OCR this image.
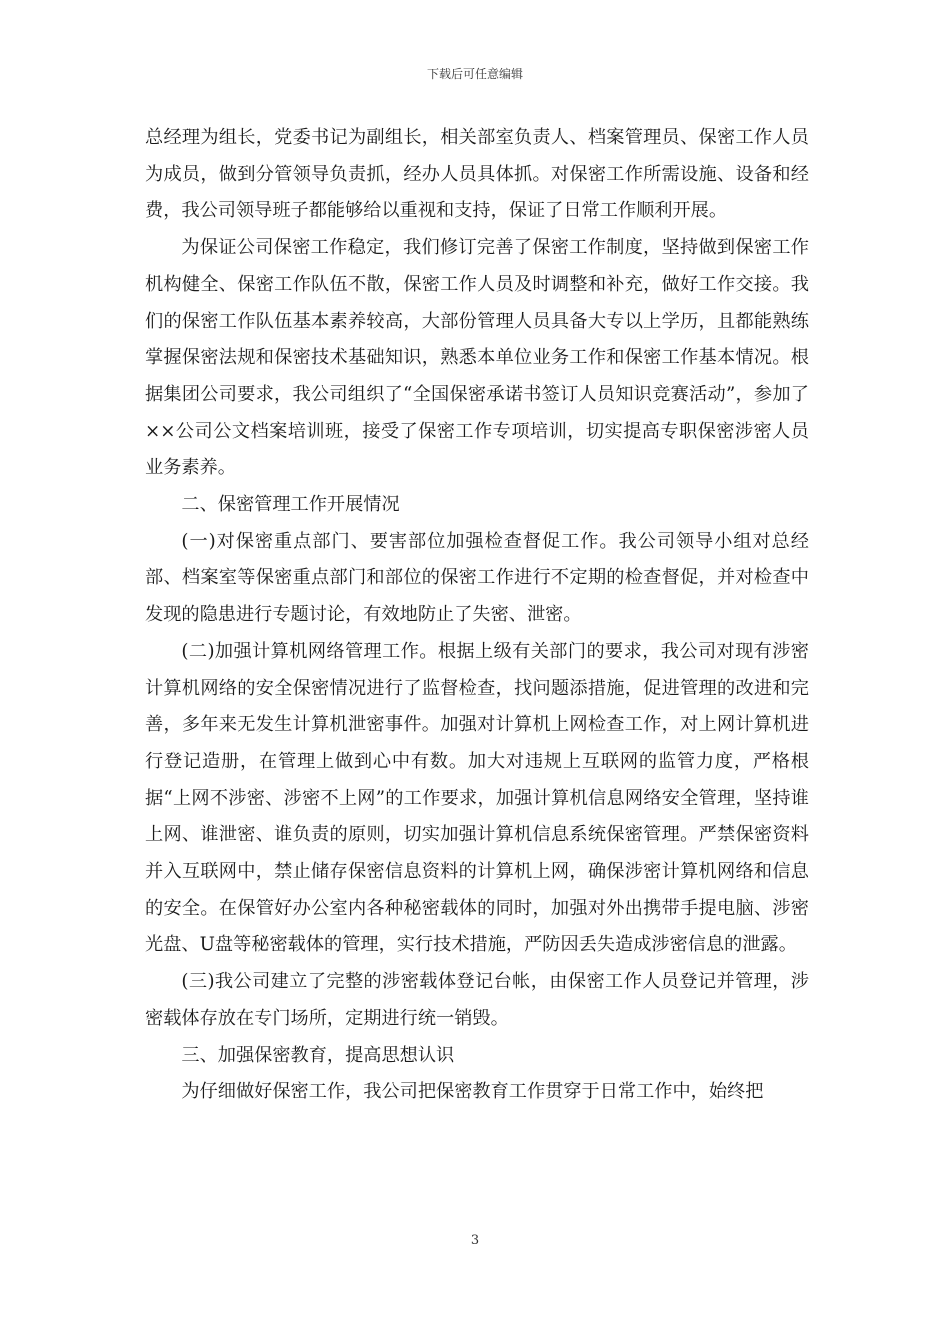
下载后可任意编辑

总经理为组长，党委书记为副组长，相关部室负责人、档案管理员、保密工作人员为成员，做到分管领导负责抓，经办人员具体抓。对保密工作所需设施、设备和经费，我公司领导班子都能够给以重视和支持，保证了日常工作顺利开展。

为保证公司保密工作稳定，我们修订完善了保密工作制度，坚持做到保密工作机构健全、保密工作队伍不散，保密工作人员及时调整和补充，做好工作交接。我们的保密工作队伍基本素养较高，大部份管理人员具备大专以上学历，且都能熟练掌握保密法规和保密技术基础知识，熟悉本单位业务工作和保密工作基本情况。根据集团公司要求，我公司组织了“全国保密承诺书签订人员知识竞赛活动”，参加了××公司公文档案培训班，接受了保密工作专项培训，切实提高专职保密涉密人员业务素养。

二、保密管理工作开展情况

(一)对保密重点部门、要害部位加强检查督促工作。我公司领导小组对总经部、档案室等保密重点部门和部位的保密工作进行不定期的检查督促，并对检查中发现的隐患进行专题讨论，有效地防止了失密、泄密。

(二)加强计算机网络管理工作。根据上级有关部门的要求，我公司对现有涉密计算机网络的安全保密情况进行了监督检查，找问题添措施，促进管理的改进和完善，多年来无发生计算机泄密事件。加强对计算机上网检查工作，对上网计算机进行登记造册，在管理上做到心中有数。加大对违规上互联网的监管力度，严格根据“上网不涉密、涉密不上网”的工作要求，加强计算机信息网络安全管理，坚持谁上网、谁泄密、谁负责的原则，切实加强计算机信息系统保密管理。严禁保密资料并入互联网中，禁止储存保密信息资料的计算机上网，确保涉密计算机网络和信息的安全。在保管好办公室内各种秘密载体的同时，加强对外出携带手提电脑、涉密光盘、U盘等秘密载体的管理，实行技术措施，严防因丢失造成涉密信息的泄露。

(三)我公司建立了完整的涉密载体登记台帐，由保密工作人员登记并管理，涉密载体存放在专门场所，定期进行统一销毁。

三、加强保密教育，提高思想认识

为仔细做好保密工作，我公司把保密教育工作贯穿于日常工作中，始终把

3
